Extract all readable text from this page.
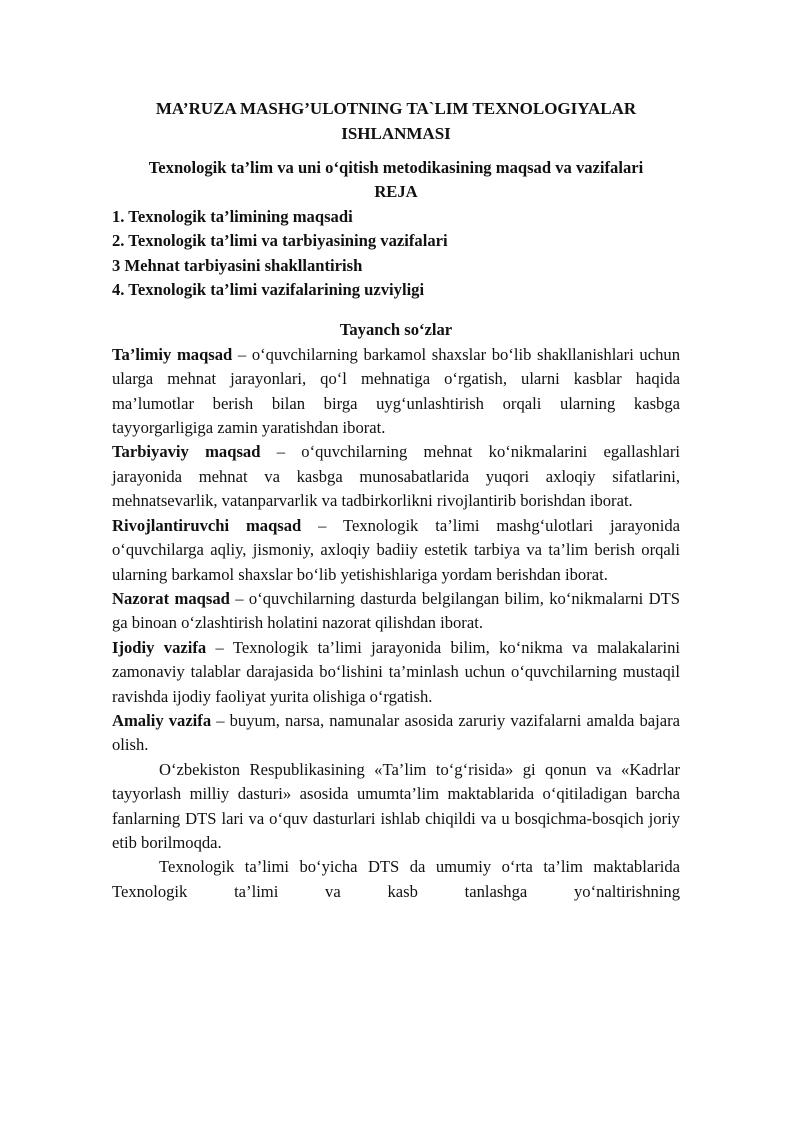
MA’RUZA MASHG’ULOTNING TA`LIM TEXNOLOGIYALAR ISHLANMASI

Texnologik ta’lim va uni o‘qitish metodikasining maqsad va vazifalari

REJA

1. Texnologik ta’limining maqsadi
2. Texnologik ta’limi va tarbiyasining vazifalari
3 Mehnat tarbiyasini shakllantirish
4. Texnologik ta’limi vazifalarining uzviyligi

Tayanch so‘zlar

Ta’limiy maqsad – o‘quvchilarning barkamol shaxslar bo‘lib shakllanishlari uchun ularga mehnat jarayonlari, qo‘l mehnatiga o‘rgatish, ularni kasblar haqida ma’lumotlar berish bilan birga uyg‘unlashtirish orqali ularning kasbga tayyorgarligiga zamin yaratishdan iborat.

Tarbiyaviy maqsad – o‘quvchilarning mehnat ko‘nikmalarini egallashlari jarayonida mehnat va kasbga munosabatlarida yuqori axloqiy sifatlarini, mehnatsevarlik, vatanparvarlik va tadbirkorlikni rivojlantirib borishdan iborat.

Rivojlantiruvchi maqsad – Texnologik ta’limi mashg‘ulotlari jarayonida o‘quvchilarga aqliy, jismoniy, axloqiy badiiy estetik tarbiya va ta’lim berish orqali ularning barkamol shaxslar bo‘lib yetishishlariga yordam berishdan iborat.

Nazorat maqsad – o‘quvchilarning dasturda belgilangan bilim, ko‘nikmalarni DTS ga binoan o‘zlashtirish holatini nazorat qilishdan iborat.

Ijodiy vazifa – Texnologik ta’limi jarayonida bilim, ko‘nikma va malakalarini zamonaviy talablar darajasida bo‘lishini ta’minlash uchun o‘quvchilarning mustaqil ravishda ijodiy faoliyat yurita olishiga o‘rgatish.

Amaliy vazifa – buyum, narsa, namunalar asosida zaruriy vazifalarni amalda bajara olish.

O‘zbekiston Respublikasining «Ta’lim to‘g‘risida» gi qonun va «Kadrlar tayyorlash milliy dasturi» asosida umumta’lim maktablarida o‘qitiladigan barcha fanlarning DTS lari va o‘quv dasturlari ishlab chiqildi va u bosqichma-bosqich joriy etib borilmoqda.

Texnologik ta’limi bo‘yicha DTS da umumiy o‘rta ta’lim maktablarida Texnologik ta’limi va kasb tanlashga yo‘naltirishning
